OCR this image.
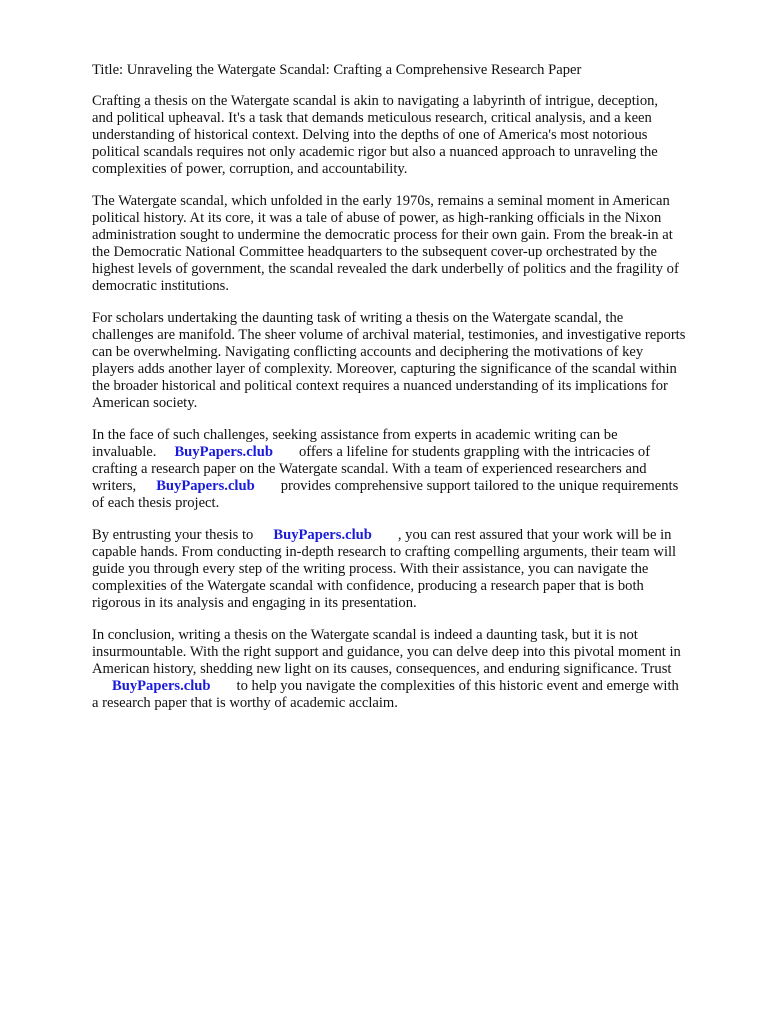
Title: Unraveling the Watergate Scandal: Crafting a Comprehensive Research Paper
Crafting a thesis on the Watergate scandal is akin to navigating a labyrinth of intrigue, deception,
and political upheaval. It's a task that demands meticulous research, critical analysis, and a keen
understanding of historical context. Delving into the depths of one of America's most notorious
political scandals requires not only academic rigor but also a nuanced approach to unraveling the
complexities of power, corruption, and accountability.
The Watergate scandal, which unfolded in the early 1970s, remains a seminal moment in American
political history. At its core, it was a tale of abuse of power, as high-ranking officials in the Nixon
administration sought to undermine the democratic process for their own gain. From the break-in at
the Democratic National Committee headquarters to the subsequent cover-up orchestrated by the
highest levels of government, the scandal revealed the dark underbelly of politics and the fragility of
democratic institutions.
For scholars undertaking the daunting task of writing a thesis on the Watergate scandal, the
challenges are manifold. The sheer volume of archival material, testimonies, and investigative reports
can be overwhelming. Navigating conflicting accounts and deciphering the motivations of key
players adds another layer of complexity. Moreover, capturing the significance of the scandal within
the broader historical and political context requires a nuanced understanding of its implications for
American society.
In the face of such challenges, seeking assistance from experts in academic writing can be
invaluable. BuyPapers.club offers a lifeline for students grappling with the intricacies of
crafting a research paper on the Watergate scandal. With a team of experienced researchers and
writers, BuyPapers.club provides comprehensive support tailored to the unique requirements
of each thesis project.
By entrusting your thesis to BuyPapers.club , you can rest assured that your work will be in
capable hands. From conducting in-depth research to crafting compelling arguments, their team will
guide you through every step of the writing process. With their assistance, you can navigate the
complexities of the Watergate scandal with confidence, producing a research paper that is both
rigorous in its analysis and engaging in its presentation.
In conclusion, writing a thesis on the Watergate scandal is indeed a daunting task, but it is not
insurmountable. With the right support and guidance, you can delve deep into this pivotal moment in
American history, shedding new light on its causes, consequences, and enduring significance. Trust
BuyPapers.club to help you navigate the complexities of this historic event and emerge with
a research paper that is worthy of academic acclaim.
